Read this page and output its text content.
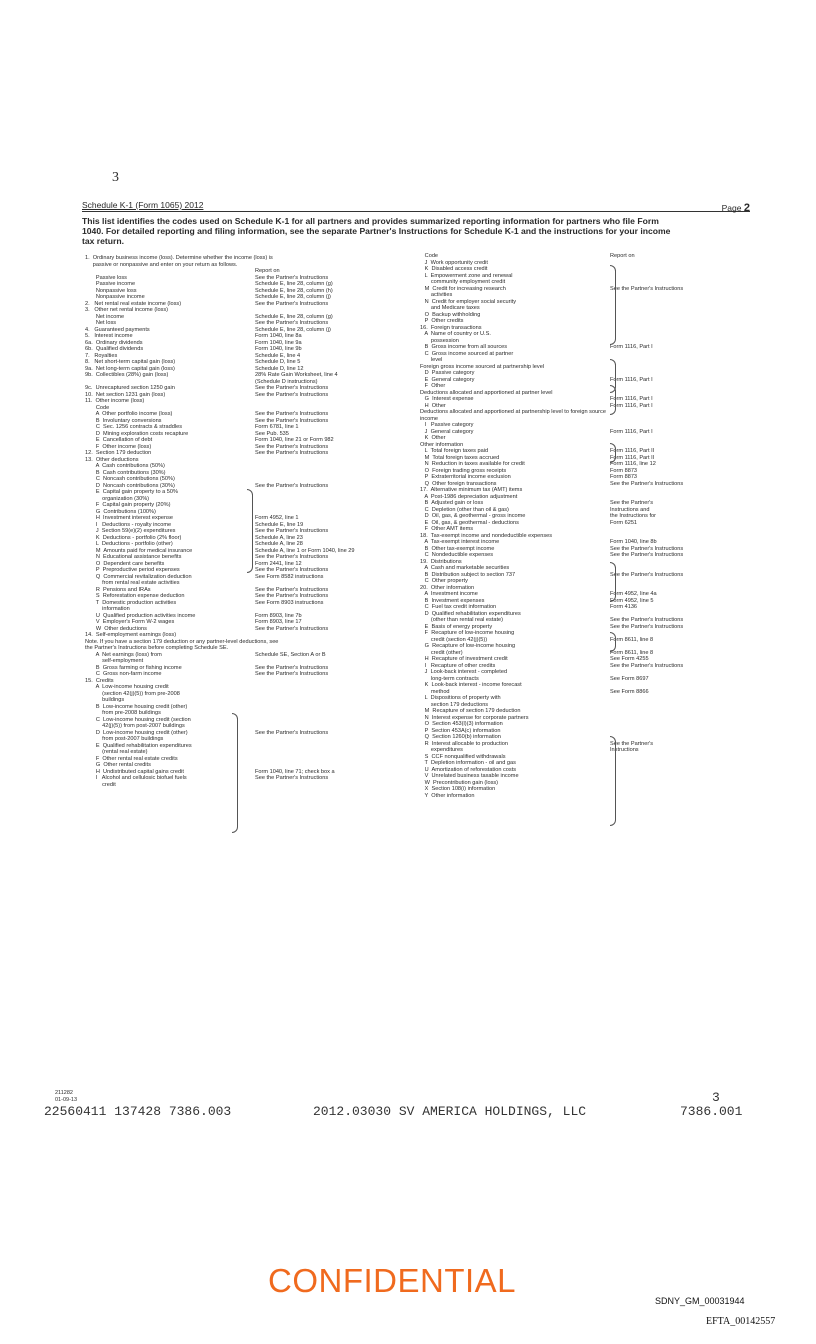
3
Schedule K-1 (Form 1065) 2012	Page 2
This list identifies the codes used on Schedule K-1 for all partners and provides summarized reporting information for partners who file Form 1040. For detailed reporting and filing information, see the separate Partner's Instructions for Schedule K-1 and the instructions for your income tax return.
1.  Ordinary business income (loss). Determine whether the income (loss) is
passive or nonpassive and enter on your return as follows.
Report on
Passive loss	See the Partner's Instructions
Passive income	Schedule E, line 28, column (g)
Nonpassive loss	Schedule E, line 28, column (h)
Nonpassive income	Schedule E, line 28, column (j)
2.   Net rental real estate income (loss)	See the Partner's Instructions
3.   Other net rental income (loss)
Net income	Schedule E, line 28, column (g)
Net loss	See the Partner's Instructions
4.   Guaranteed payments	Schedule E, line 28, column (j)
5.   Interest income	Form 1040, line 8a
6a.  Ordinary dividends	Form 1040, line 9a
6b.  Qualified dividends	Form 1040, line 9b
7.   Royalties	Schedule E, line 4
8.   Net short-term capital gain (loss)	Schedule D, line 5
9a.  Net long-term capital gain (loss)	Schedule D, line 12
9b.  Collectibles (28%) gain (loss)	28% Rate Gain Worksheet, line 4
(Schedule D instructions)
9c.  Unrecaptured section 1250 gain	See the Partner's Instructions
10.  Net section 1231 gain (loss)	See the Partner's Instructions
11.  Other income (loss)
Code
A  Other portfolio income (loss)	See the Partner's Instructions
B  Involuntary conversions	See the Partner's Instructions
C  Sec. 1256 contracts & straddles	Form 6781, line 1
D  Mining exploration costs recapture	See Pub. 535
E  Cancellation of debt	Form 1040, line 21 or Form 982
F  Other income (loss)	See the Partner's Instructions
12.  Section 179 deduction	See the Partner's Instructions
13.  Other deductions
A  Cash contributions (50%)
B  Cash contributions (30%)
C  Noncash contributions (50%)
D  Noncash contributions (30%)	See the Partner's Instructions
E  Capital gain property to a 50%
organization (30%)
F  Capital gain property (20%)
G  Contributions (100%)
H  Investment interest expense	Form 4952, line 1
I   Deductions - royalty income	Schedule E, line 19
J  Section 59(e)(2) expenditures	See the Partner's Instructions
K  Deductions - portfolio (2% floor)	Schedule A, line 23
L  Deductions - portfolio (other)	Schedule A, line 28
M  Amounts paid for medical insurance	Schedule A, line 1 or Form 1040, line 29
N  Educational assistance benefits	See the Partner's Instructions
O  Dependent care benefits	Form 2441, line 12
P  Preproductive period expenses	See the Partner's Instructions
Q  Commercial revitalization deduction	See Form 8582 instructions
from rental real estate activities
R  Pensions and IRAs	See the Partner's Instructions
S  Reforestation expense deduction	See the Partner's Instructions
T  Domestic production activities	See Form 8903 instructions
information
U  Qualified production activities income	Form 8903, line 7b
V  Employer's Form W-2 wages	Form 8903, line 17
W  Other deductions	See the Partner's Instructions
14.  Self-employment earnings (loss)
Note. If you have a section 179 deduction or any partner-level deductions, see
the Partner's Instructions before completing Schedule SE.
A  Net earnings (loss) from	Schedule SE, Section A or B
self-employment
B  Gross farming or fishing income	See the Partner's Instructions
C  Gross non-farm income	See the Partner's Instructions
15.  Credits
A  Low-income housing credit
(section 42(j)(5)) from pre-2008
buildings
B  Low-income housing credit (other)
from pre-2008 buildings
C  Low-income housing credit (section
42(j)(5)) from post-2007 buildings
D  Low-income housing credit (other)	See the Partner's Instructions
from post-2007 buildings
E  Qualified rehabilitation expenditures
(rental real estate)
F  Other rental real estate credits
G  Other rental credits
H  Undistributed capital gains credit	Form 1040, line 71; check box a
I   Alcohol and cellulosic biofuel fuels	See the Partner's Instructions
credit
Code	Report on
J  Work opportunity credit
K  Disabled access credit
L  Empowerment zone and renewal
community employment credit
M  Credit for increasing research	See the Partner's Instructions
activities
N  Credit for employer social security
and Medicare taxes
O  Backup withholding
P  Other credits
16.  Foreign transactions
A  Name of country or U.S.
possession
B  Gross income from all sources	Form 1116, Part I
C  Gross income sourced at partner
level
Foreign gross income sourced at partnership level
D  Passive category
E  General category	Form 1116, Part I
F  Other
Deductions allocated and apportioned at partner level
G  Interest expense	Form 1116, Part I
H  Other	Form 1116, Part I
Deductions allocated and apportioned at partnership level to foreign source
income
I   Passive category
J  General category	Form 1116, Part I
K  Other
Other information
L  Total foreign taxes paid	Form 1116, Part II
M  Total foreign taxes accrued	Form 1116, Part II
N  Reduction in taxes available for credit	Form 1116, line 12
O  Foreign trading gross receipts	Form 8873
P  Extraterritorial income exclusion	Form 8873
Q  Other foreign transactions	See the Partner's Instructions
17.  Alternative minimum tax (AMT) items
A  Post-1986 depreciation adjustment
B  Adjusted gain or loss	See the Partner's
C  Depletion (other than oil & gas)	Instructions and
D  Oil, gas, & geothermal - gross income	the Instructions for
E  Oil, gas, & geothermal - deductions	Form 6251
F  Other AMT items
18.  Tax-exempt income and nondeductible expenses
A  Tax-exempt interest income	Form 1040, line 8b
B  Other tax-exempt income	See the Partner's Instructions
C  Nondeductible expenses	See the Partner's Instructions
19.  Distributions
A  Cash and marketable securities
B  Distribution subject to section 737	See the Partner's Instructions
C  Other property
20.  Other information
A  Investment income	Form 4952, line 4a
B  Investment expenses	Form 4952, line 5
C  Fuel tax credit information	Form 4136
D  Qualified rehabilitation expenditures
(other than rental real estate)	See the Partner's Instructions
E  Basis of energy property	See the Partner's Instructions
F  Recapture of low-income housing
credit (section 42(j)(5))	Form 8611, line 8
G  Recapture of low-income housing
credit (other)	Form 8611, line 8
H  Recapture of investment credit	See Form 4255
I   Recapture of other credits	See the Partner's Instructions
J  Look-back interest - completed
long-term contracts	See Form 8697
K  Look-back interest - income forecast
method	See Form 8866
L  Dispositions of property with
section 179 deductions
M  Recapture of section 179 deduction
N  Interest expense for corporate partners
O  Section 453(l)(3) information
P  Section 453A(c) information
Q  Section 1260(b) information
R  Interest allocable to production	See the Partner's
expenditures	Instructions
S  CCF nonqualified withdrawals
T  Depletion information - oil and gas
U  Amortization of reforestation costs
V  Unrelated business taxable income
W  Precontribution gain (loss)
X  Section 108(i) information
Y  Other information
211282
01-09-13
22560411 137428 7386.003	2012.03030 SV AMERICA HOLDINGS, LLC
3
7386.001
CONFIDENTIAL
SDNY_GM_00031944
EFTA_00142557
